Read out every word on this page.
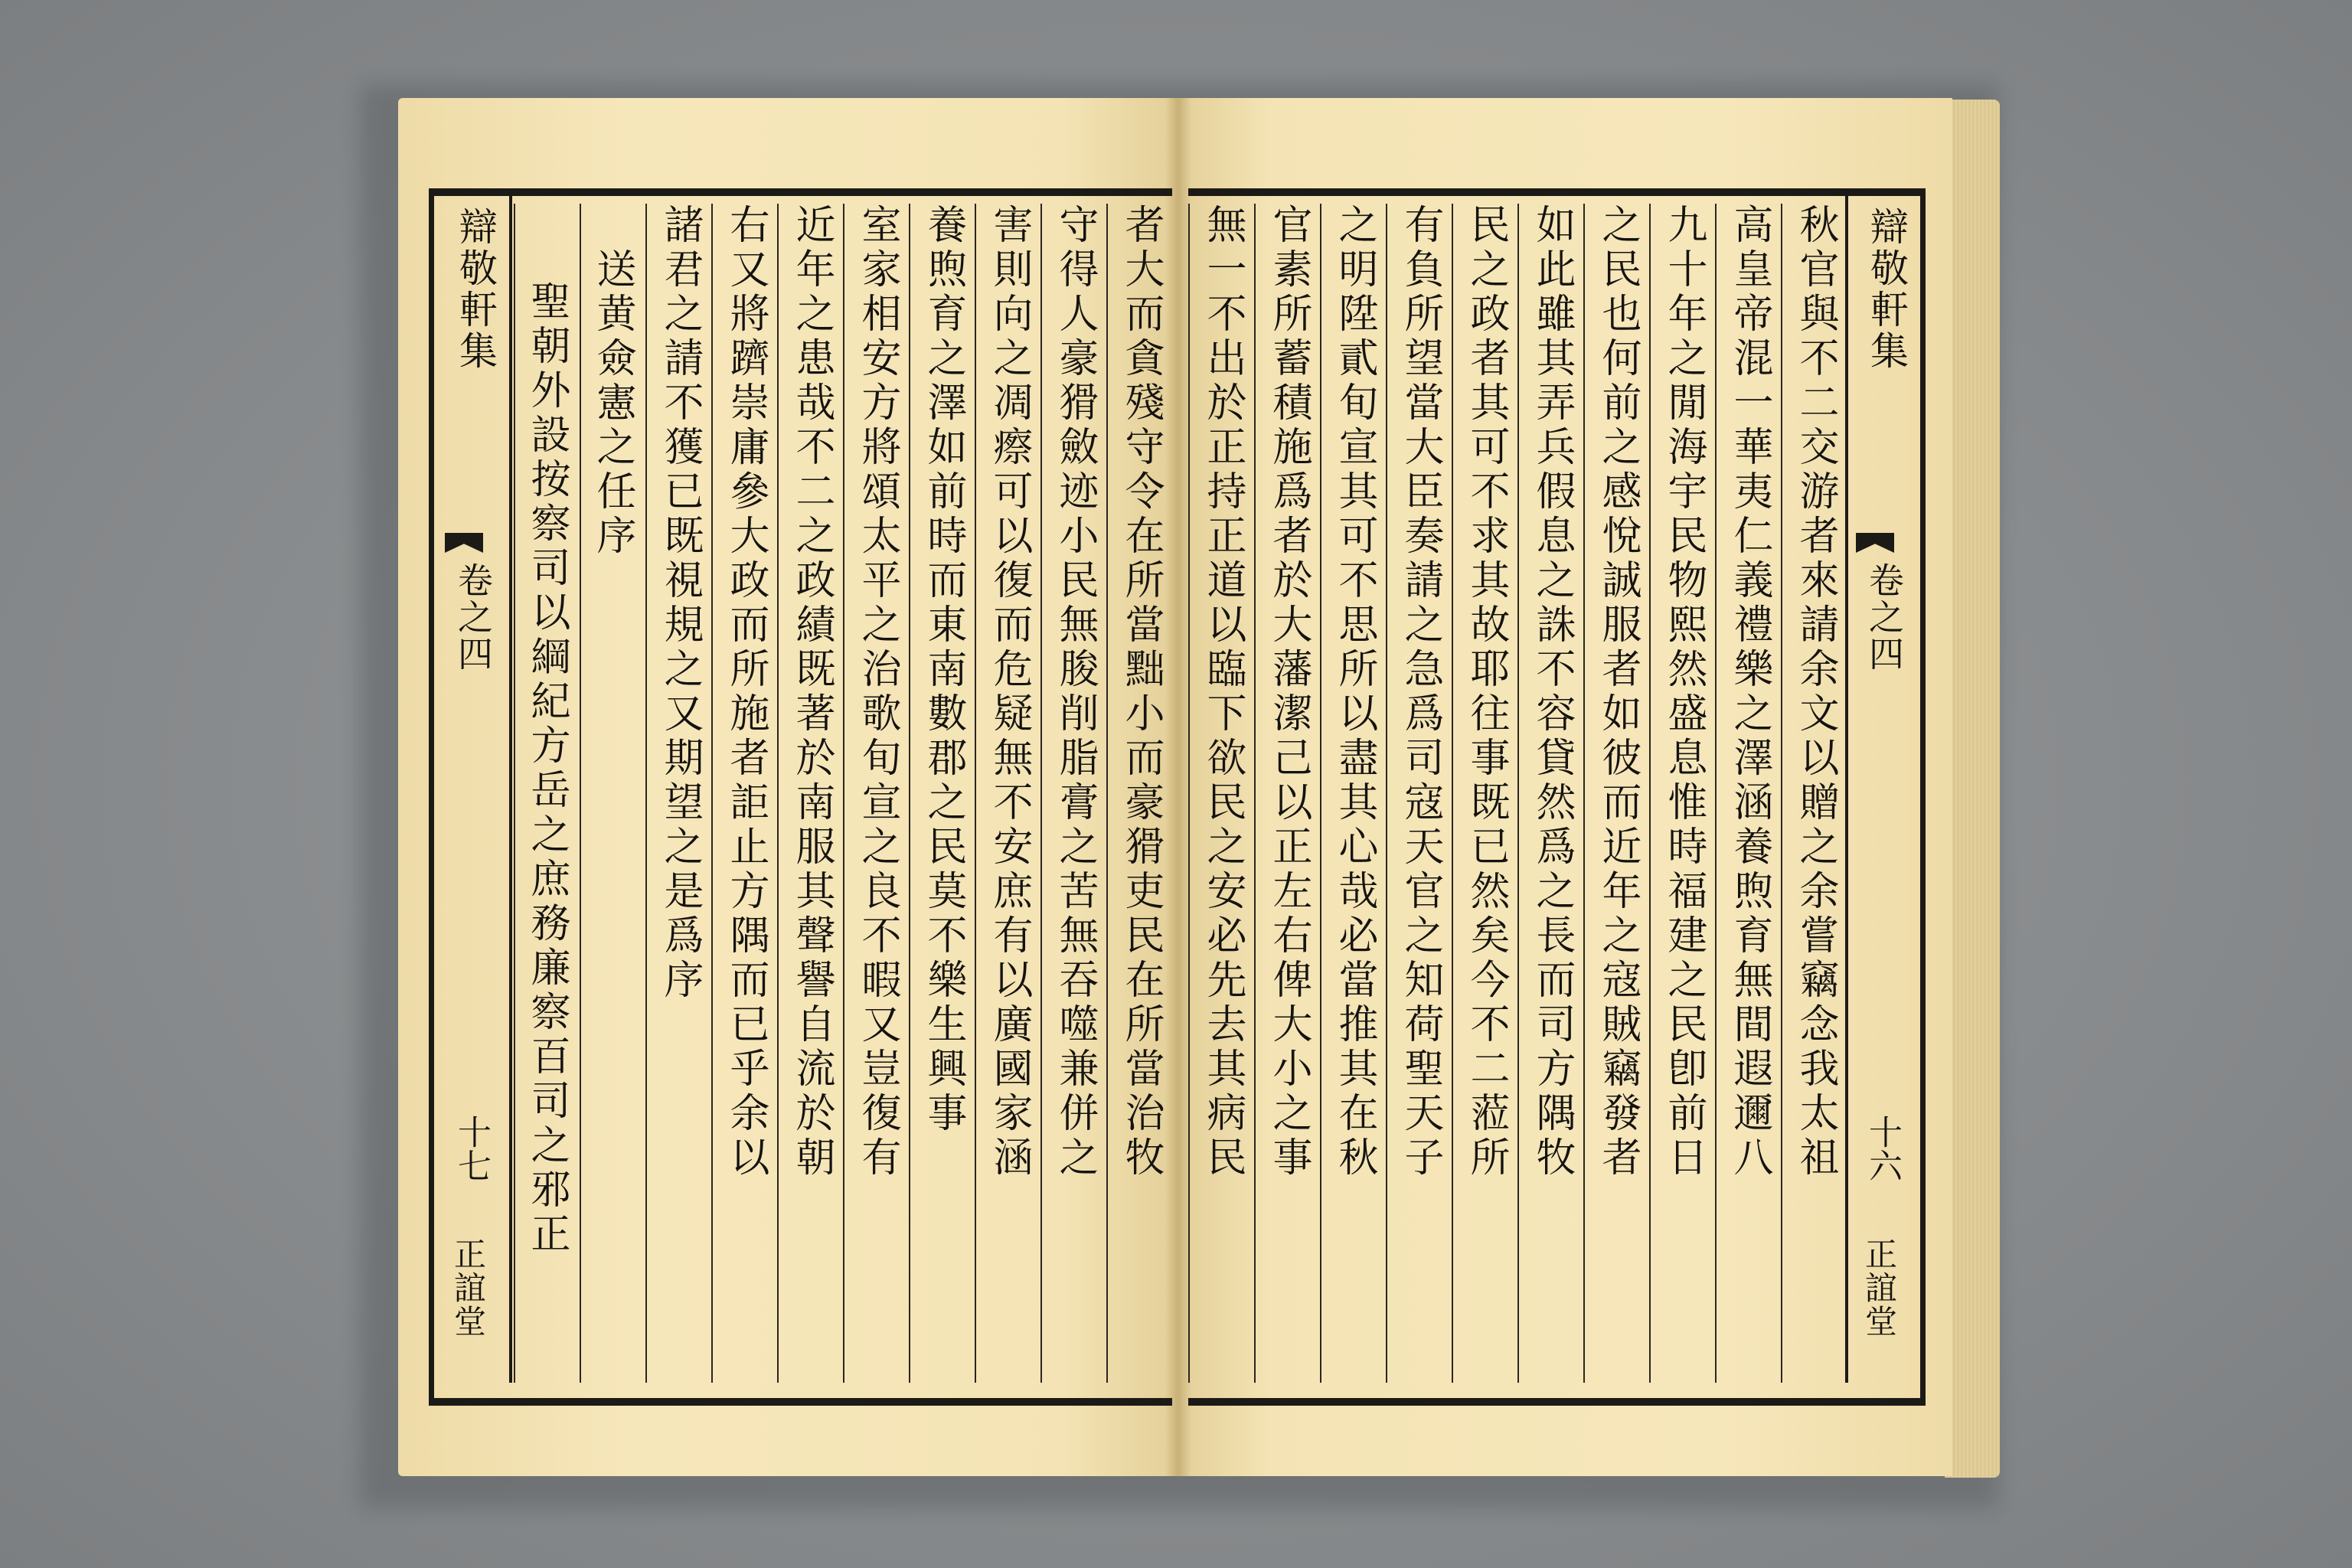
辯敬軒集
卷之四
十七
正誼堂
聖朝外設按察司以綱紀方岳之庶務廉察百司之邪正 送黄僉憲之任序 諸君之請不獲已既視規之又期望之是爲序 右又將躋崇庸參大政而所施者詎止方隅而已乎余以 近年之患哉不二之政績既著於南服其聲譽自流於朝 室家相安方將頌太平之治歌旬宣之良不暇又豈復有 養煦育之澤如前時而東南數郡之民莫不樂生興事 害則向之凋瘵可以復而危疑無不安庶有以廣國家涵 守得人豪猾斂迹小民無朘削脂膏之苦無吞噬兼併之 者大而貪殘守令在所當黜小而豪猾吏民在所當治牧 無一不出於正持正道以臨下欲民之安必先去其病民 官素所蓄積施爲者於大藩潔己以正左右俾大小之事 之明陞貳旬宣其可不思所以盡其心哉必當推其在秋 有負所望當大臣奏請之急爲司寇天官之知荷聖天子 民之政者其可不求其故耶往事既已然矣今不二蒞所 如此雖其弄兵假息之誅不容貸然爲之長而司方隅牧 之民也何前之感悅誠服者如彼而近年之寇賊竊發者 九十年之閒海宇民物熙然盛息惟時福建之民卽前日 高皇帝混一華夷仁義禮樂之澤涵養煦育無間遐邇八 秋官與不二交游者來請余文以贈之余嘗竊念我太祖 辯敬軒集
卷之四
十六
正誼堂
